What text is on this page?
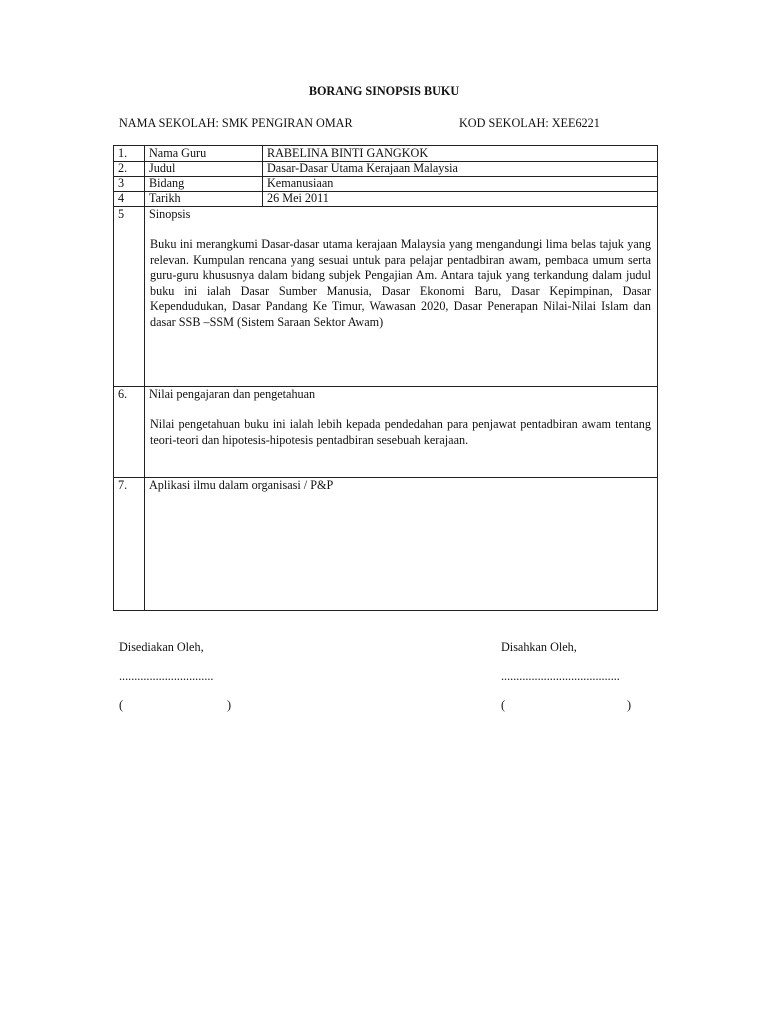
BORANG SINOPSIS BUKU
NAMA SEKOLAH: SMK PENGIRAN OMAR	KOD SEKOLAH: XEE6221
1. Nama Guru	RABELINA BINTI GANGKOK
2. Judul	Dasar-Dasar Utama Kerajaan Malaysia
3 Bidang	Kemanusiaan
4 Tarikh	26 Mei 2011
5 Sinopsis
Buku ini merangkumi Dasar-dasar utama kerajaan Malaysia yang mengandungi lima belas tajuk yang relevan. Kumpulan rencana yang sesuai untuk para pelajar pentadbiran awam, pembaca umum serta guru-guru khususnya dalam bidang subjek Pengajian Am. Antara tajuk yang terkandung dalam judul buku ini ialah Dasar Sumber Manusia, Dasar Ekonomi Baru, Dasar Kepimpinan, Dasar Kependudukan, Dasar Pandang Ke Timur, Wawasan 2020, Dasar Penerapan Nilai-Nilai Islam dan dasar SSB –SSM (Sistem Saraan Sektor Awam)
6. Nilai pengajaran dan pengetahuan
Nilai pengetahuan buku ini ialah lebih kepada pendedahan para penjawat pentadbiran awam tentang teori-teori dan hipotesis-hipotesis pentadbiran sesebuah kerajaan.
7. Aplikasi ilmu dalam organisasi / P&P
Disediakan Oleh,
...............................
(	)
Disahkan Oleh,
.......................................
(	)
